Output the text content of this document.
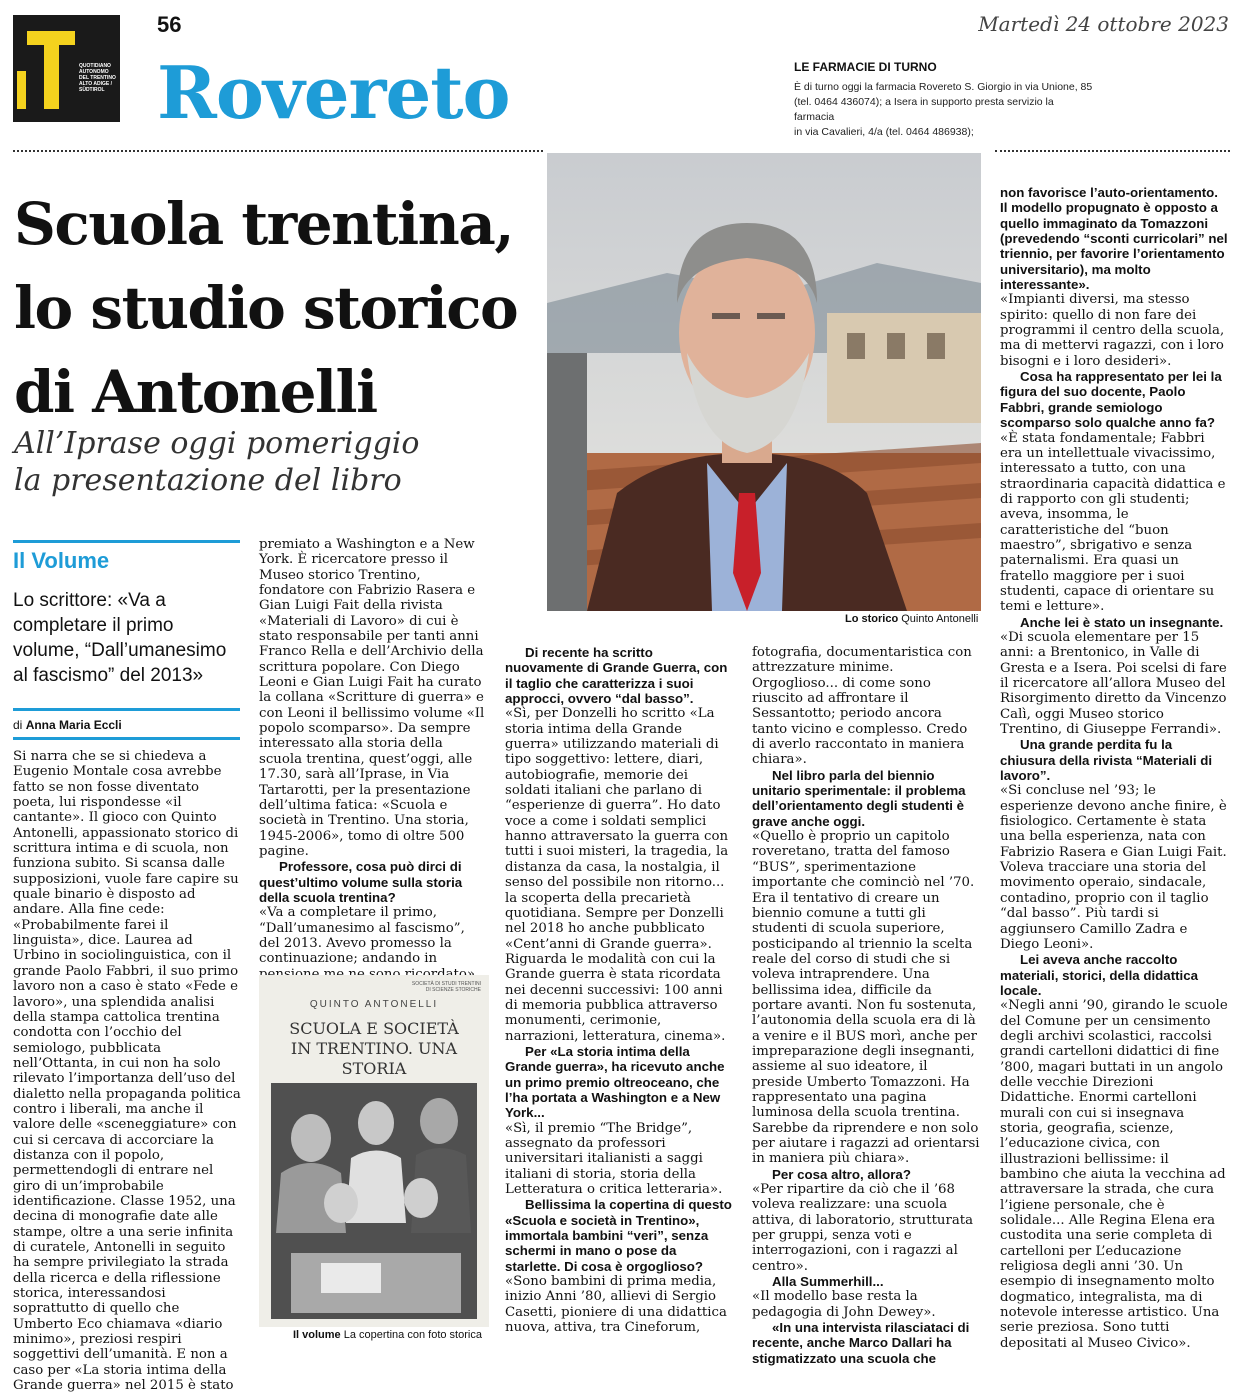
QUOTIDIANO AUTONOMO DEL TRENTINO ALTO ADIGE / SÜDTIROL
56	Martedì 24 ottobre 2023
Rovereto	LE FARMACIE DI TURNO
È di turno oggi la farmacia Rovereto S. Giorgio in via Unione, 85
(tel. 0464 436074); a Isera in supporto presta servizio la farmacia
in via Cavalieri, 4/a (tel. 0464 486938);
Scuola trentina,
lo studio storico
di Antonelli
All’Iprase oggi pomeriggio
la presentazione del libro
Lo storico Quinto Antonelli
Il Volume
Lo scrittore: «Va a completare il primo volume, “Dall’umanesimo al fascismo” del 2013»
di Anna Maria Eccli

Si narra che se si chiedeva a Eugenio Montale cosa avrebbe fatto se non fosse diventato poeta, lui rispondesse «il cantante». Il gioco con Quinto Antonelli, appassionato storico di scrittura intima e di scuola, non funziona subito. Si scansa dalle supposizioni, vuole fare capire su quale binario è disposto ad andare. Alla fine cede: «Probabilmente farei il linguista», dice. Laurea ad Urbino in sociolinguistica, con il grande Paolo Fabbri, il suo primo lavoro non a caso è stato «Fede e lavoro», una splendida analisi della stampa cattolica trentina condotta con l’occhio del semiologo, pubblicata nell’Ottanta, in cui non ha solo rilevato l’importanza dell’uso del dialetto nella propaganda politica contro i liberali, ma anche il valore delle «sceneggiature» con cui si cercava di accorciare la distanza con il popolo, permettendogli di entrare nel giro di un’improbabile identificazione. Classe 1952, una decina di monografie date alle stampe, oltre a una serie infinita di curatele, Antonelli in seguito ha sempre privilegiato la strada della ricerca e della riflessione storica, interessandosi soprattutto di quello che Umberto Eco chiamava «diario minimo», preziosi respiri soggettivi dell’umanità. E non a caso per «La storia intima della Grande guerra» nel 2015 è stato

premiato a Washington e a New York. È ricercatore presso il Museo storico Trentino, fondatore con Fabrizio Rasera e Gian Luigi Fait della rivista «Materiali di Lavoro» di cui è stato responsabile per tanti anni Franco Rella e dell’Archivio della scrittura popolare. Con Diego Leoni e Gian Luigi Fait ha curato la collana «Scritture di guerra» e con Leoni il bellissimo volume «Il popolo scomparso». Da sempre interessato alla storia della scuola trentina, quest’oggi, alle 17.30, sarà all’Iprase, in Via Tartarotti, per la presentazione dell’ultima fatica: «Scuola e società in Trentino. Una storia, 1945-2006», tomo di oltre 500 pagine.

Professore, cosa può dirci di quest’ultimo volume sulla storia della scuola trentina?

«Va a completare il primo, “Dall’umanesimo al fascismo”, del 2013. Avevo promesso la continuazione; andando in

Di recente ha scritto nuovamente di Grande Guerra, con il taglio che caratterizza i suoi approcci, ovvero “dal basso”.

«Sì, per Donzelli ho scritto «La storia intima della Grande guerra» utilizzando materiali di tipo soggettivo: lettere, diari, autobiografie, memorie dei soldati italiani che parlano di “esperienze di guerra”. Ho dato voce a come i soldati semplici hanno attraversato la guerra con tutti i suoi misteri, la tragedia, la distanza da casa, la nostalgia, il senso del possibile non ritorno... la scoperta della precarietà quotidiana. Sempre per Donzelli nel 2018 ho anche pubblicato «Cent’anni di Grande guerra». Riguarda le modalità con cui la Grande guerra è stata ricordata nei decenni successivi: 100 anni di memoria pubblica attraverso monumenti, cerimonie, narrazioni, letteratura, cinema».

Per «La storia intima della Grande guerra», ha ricevuto anche un primo premio oltreoceano, che l’ha portata a Washington e a New York...

«Sì, il premio “The Bridge”, assegnato da professori universitari italianisti a saggi italiani di storia, storia della Letteratura o critica letteraria».

Bellissima la copertina di questo «Scuola e società in Trentino», immortala bambini “veri”, senza schermi in mano o pose da starlette. Di cosa è orgoglioso?

«Sono bambini di prima media, inizio Anni ’80, allievi di Sergio Casetti, pioniere di una didattica nuova, attiva, tra Cineforum,

fotografia, documentaristica con attrezzature minime. Orgoglioso... di come sono riuscito ad affrontare il Sessantotto; periodo ancora tanto vicino e complesso. Credo di averlo raccontato in maniera chiara».

Nel libro parla del biennio unitario sperimentale: il problema dell’orientamento degli studenti è grave anche oggi.

«Quello è proprio un capitolo roveretano, tratta del famoso “BUS”, sperimentazione importante che cominciò nel ’70. Era il tentativo di creare un biennio comune a tutti gli studenti di scuola superiore, posticipando al triennio la scelta reale del corso di studi che si voleva intraprendere. Una bellissima idea, difficile da portare avanti. Non fu sostenuta, l’autonomia della scuola era di là a venire e il BUS morì, anche per impreparazione degli insegnanti, assieme al suo ideatore, il preside Umberto Tomazzoni. Ha rappresentato una pagina luminosa della scuola trentina. Sarebbe da riprendere e non solo per aiutare i ragazzi ad orientarsi in maniera più chiara».

Per cosa altro, allora?

«Per ripartire da ciò che il ’68 voleva realizzare: una scuola attiva, di laboratorio, strutturata per gruppi, senza voti e interrogazioni, con i ragazzi al centro».

Alla Summerhill...

«Il modello base resta la pedagogia di John Dewey».

«In una intervista rilasciataci di recente, anche Marco Dallari ha stigmatizzato una scuola che

non favorisce l’auto-orientamento. Il modello propugnato è opposto a quello immaginato da Tomazzoni (prevedendo “sconti curricolari” nel triennio, per favorire l’orientamento universitario), ma molto interessante».

«Impianti diversi, ma stesso spirito: quello di non fare dei programmi il centro della scuola, ma di mettervi ragazzi, con i loro bisogni e i loro desideri».

Cosa ha rappresentato per lei la figura del suo docente, Paolo Fabbri, grande semiologo scomparso solo qualche anno fa?

«È stata fondamentale; Fabbri era un intellettuale vivacissimo, interessato a tutto, con una straordinaria capacità didattica e di rapporto con gli studenti; aveva, insomma, le caratteristiche del “buon maestro”, sbrigativo e senza paternalismi. Era quasi un fratello maggiore per i suoi studenti, capace di orientare su temi e letture».

Anche lei è stato un insegnante.

«Di scuola elementare per 15 anni: a Brentonico, in Valle di Gresta e a Isera. Poi scelsi di fare il ricercatore all’allora Museo del Risorgimento diretto da Vincenzo Calì, oggi Museo storico Trentino, di Giuseppe Ferrandi».

Una grande perdita fu la chiusura della rivista “Materiali di lavoro”.

«Si concluse nel ’93; le esperienze devono anche finire, è fisiologico. Certamente è stata una bella esperienza, nata con Fabrizio Rasera e Gian Luigi Fait. Voleva tracciare una storia del movimento operaio, sindacale, contadino, proprio con il taglio “dal basso”. Più tardi si aggiunsero Camillo Zadra e Diego Leoni».

Lei aveva anche raccolto materiali, storici, della didattica locale.

«Negli anni ’90, girando le scuole del Comune per un censimento degli archivi scolastici, raccolsi grandi cartelloni didattici di fine ’800, magari buttati in un angolo delle vecchie Direzioni Didattiche. Enormi cartelloni murali con cui si insegnava storia, geografia, scienze, l’educazione civica, con illustrazioni bellissime: il bambino che aiuta la vecchina ad attraversare la strada, che cura l’igiene personale, che è solidale... Alle Regina Elena era custodita una serie completa di cartelloni per L’educazione religiosa degli anni ’30. Un esempio di insegnamento molto dogmatico, integralista, ma di notevole interesse artistico. Una serie preziosa. Sono tutti depositati al Museo Civico».

SOCIETÀ DI STUDI TRENTINI DI SCIENZE STORICHE
QUINTO ANTONELLI
SCUOLA E SOCIETÀ
IN TRENTINO. UNA STORIA
Il volume La copertina con foto storica
